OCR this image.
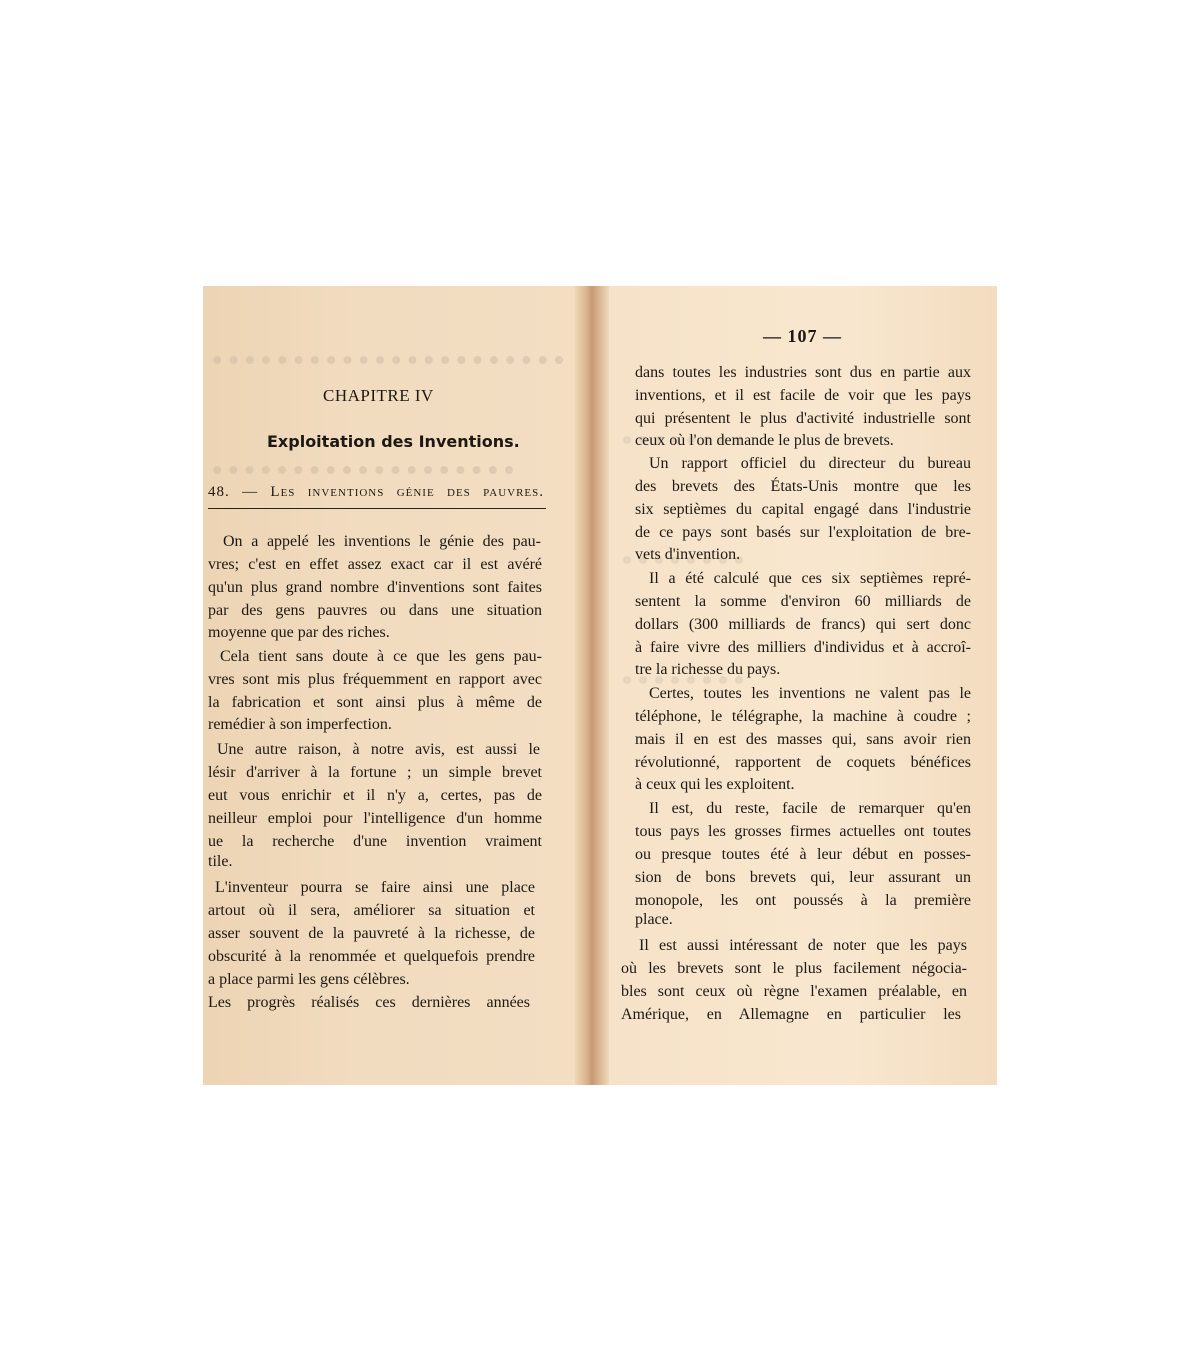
CHAPITRE IV
Exploitation des Inventions.
48. — Les inventions génie des pauvres.
On a appelé les inventions le génie des pau-
vres; c'est en effet assez exact car il est avéré
qu'un plus grand nombre d'inventions sont faites
par des gens pauvres ou dans une situation
moyenne que par des riches.
Cela tient sans doute à ce que les gens pau-
vres sont mis plus fréquemment en rapport avec
la fabrication et sont ainsi plus à même de
remédier à son imperfection.
Une autre raison, à notre avis, est aussi le
lésir d'arriver à la fortune ; un simple brevet
eut vous enrichir et il n'y a, certes, pas de
neilleur emploi pour l'intelligence d'un homme
ue la recherche d'une invention vraiment
tile.
L'inventeur pourra se faire ainsi une place
artout où il sera, améliorer sa situation et
asser souvent de la pauvreté à la richesse, de
obscurité à la renommée et quelquefois prendre
a place parmi les gens célèbres.
Les progrès réalisés ces dernières années
— 107 —
dans toutes les industries sont dus en partie aux
inventions, et il est facile de voir que les pays
qui présentent le plus d'activité industrielle sont
ceux où l'on demande le plus de brevets.
Un rapport officiel du directeur du bureau
des brevets des États-Unis montre que les
six septièmes du capital engagé dans l'industrie
de ce pays sont basés sur l'exploitation de bre-
vets d'invention.
Il a été calculé que ces six septièmes repré-
sentent la somme d'environ 60 milliards de
dollars (300 milliards de francs) qui sert donc
à faire vivre des milliers d'individus et à accroî-
tre la richesse du pays.
Certes, toutes les inventions ne valent pas le
téléphone, le télégraphe, la machine à coudre ;
mais il en est des masses qui, sans avoir rien
révolutionné, rapportent de coquets bénéfices
à ceux qui les exploitent.
Il est, du reste, facile de remarquer qu'en
tous pays les grosses firmes actuelles ont toutes
ou presque toutes été à leur début en posses-
sion de bons brevets qui, leur assurant un
monopole, les ont poussés à la première
place.
Il est aussi intéressant de noter que les pays
où les brevets sont le plus facilement négocia-
bles sont ceux où règne l'examen préalable, en
Amérique, en Allemagne en particulier les
